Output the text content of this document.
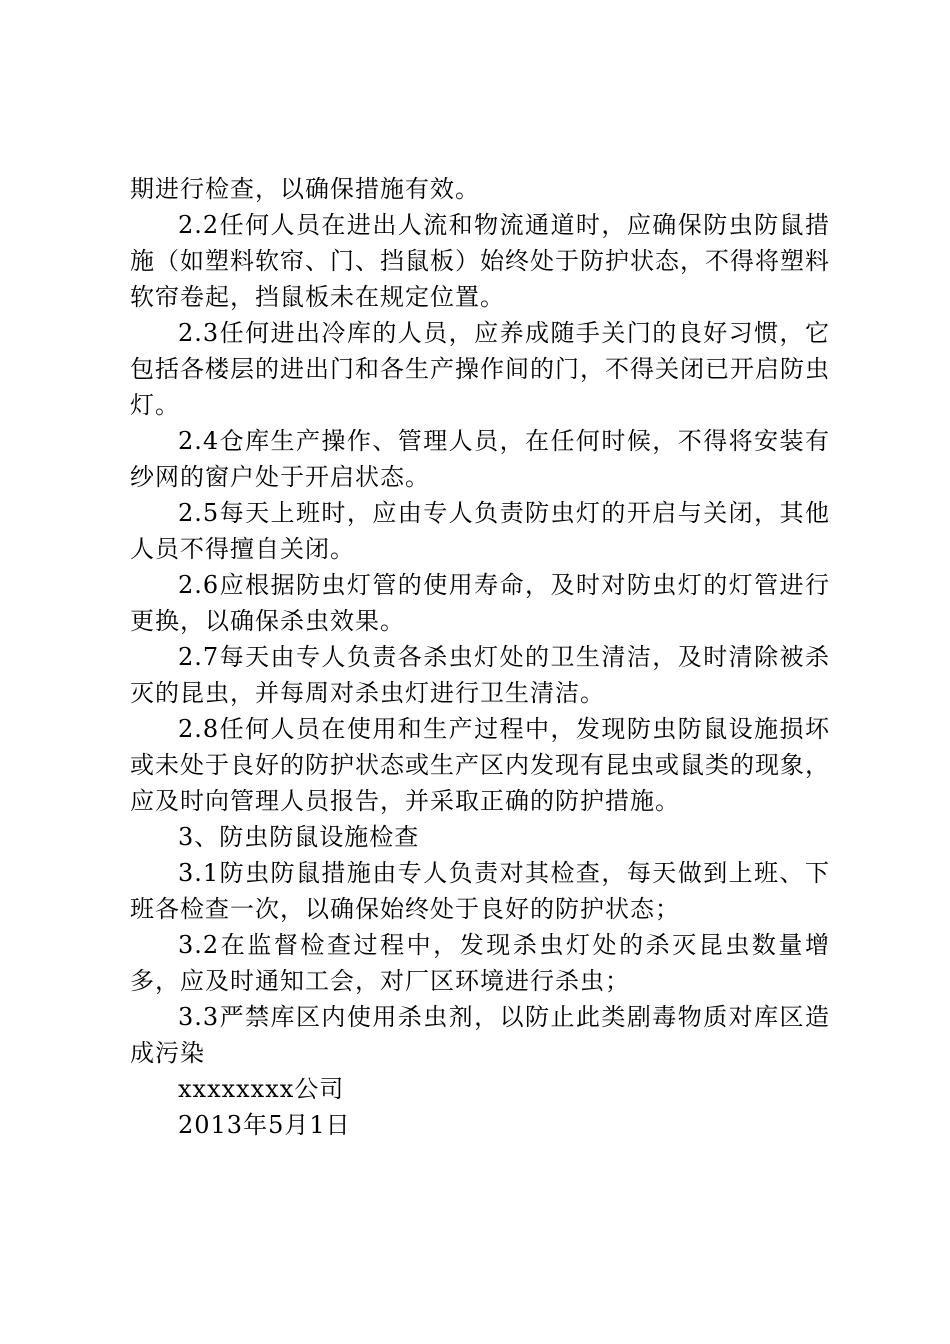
期进行检查，以确保措施有效。

2.2任何人员在进出人流和物流通道时，应确保防虫防鼠措施（如塑料软帘、门、挡鼠板）始终处于防护状态，不得将塑料软帘卷起，挡鼠板未在规定位置。

2.3任何进出冷库的人员，应养成随手关门的良好习惯，它包括各楼层的进出门和各生产操作间的门，不得关闭已开启防虫灯。

2.4仓库生产操作、管理人员，在任何时候，不得将安装有纱网的窗户处于开启状态。

2.5每天上班时，应由专人负责防虫灯的开启与关闭，其他人员不得擅自关闭。

2.6应根据防虫灯管的使用寿命，及时对防虫灯的灯管进行更换，以确保杀虫效果。

2.7每天由专人负责各杀虫灯处的卫生清洁，及时清除被杀灭的昆虫，并每周对杀虫灯进行卫生清洁。

2.8任何人员在使用和生产过程中，发现防虫防鼠设施损坏或未处于良好的防护状态或生产区内发现有昆虫或鼠类的现象，应及时向管理人员报告，并采取正确的防护措施。

3、防虫防鼠设施检查

3.1防虫防鼠措施由专人负责对其检查，每天做到上班、下班各检查一次，以确保始终处于良好的防护状态；

3.2在监督检查过程中，发现杀虫灯处的杀灭昆虫数量增多，应及时通知工会，对厂区环境进行杀虫；

3.3严禁库区内使用杀虫剂，以防止此类剧毒物质对库区造成污染

xxxxxxxx公司

2013年5月1日
